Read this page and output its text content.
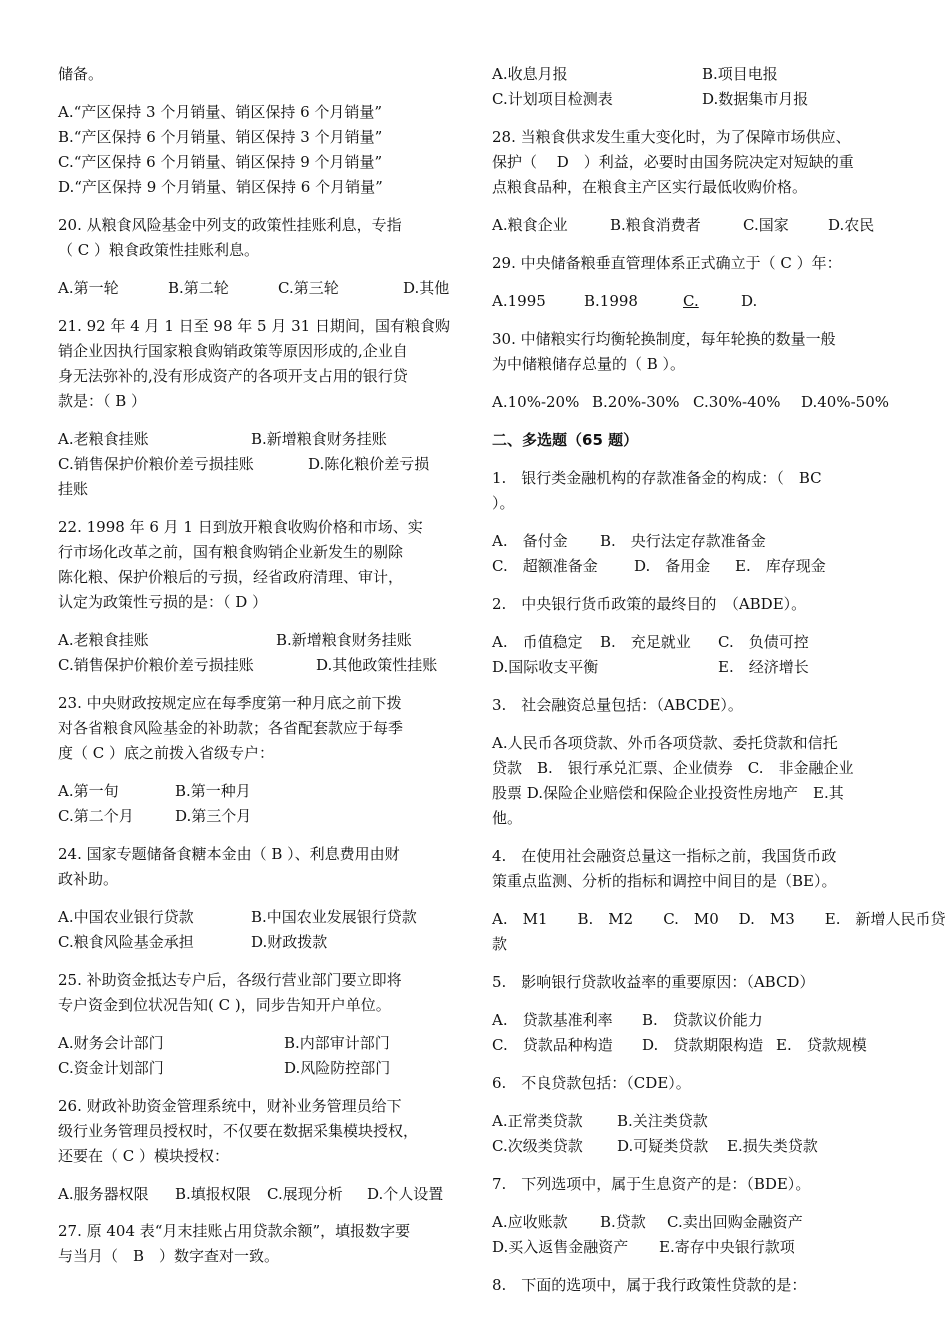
储备。
A.“产区保持 3 个月销量、销区保持 6 个月销量”
B.“产区保持 6 个月销量、销区保持 3 个月销量”
C.“产区保持 6 个月销量、销区保持 9 个月销量”
D.“产区保持 9 个月销量、销区保持 6 个月销量”
20. 从粮食风险基金中列支的政策性挂账利息，专指
（ C ）粮食政策性挂账利息。
A.第一轮	B.第二轮	C.第三轮	D.其他
21. 92 年 4 月 1 日至 98 年 5 月 31 日期间，国有粮食购
销企业因执行国家粮食购销政策等原因形成的,企业自
身无法弥补的,没有形成资产的各项开支占用的银行贷
款是：（ B ）
A.老粮食挂账	B.新增粮食财务挂账
C.销售保护价粮价差亏损挂账	D.陈化粮价差亏损
挂账
22. 1998 年 6 月 1 日到放开粮食收购价格和市场、实
行市场化改革之前，国有粮食购销企业新发生的剔除
陈化粮、保护价粮后的亏损，经省政府清理、审计，
认定为政策性亏损的是：（ D ）
A.老粮食挂账	B.新增粮食财务挂账
C.销售保护价粮价差亏损挂账	D.其他政策性挂账
23. 中央财政按规定应在每季度第一种月底之前下拨
对各省粮食风险基金的补助款；各省配套款应于每季
度（ C ）底之前拨入省级专户：
A.第一旬	B.第一种月
C.第二个月	D.第三个月
24. 国家专题储备食糖本金由（ B ）、利息费用由财
政补助。
A.中国农业银行贷款	B.中国农业发展银行贷款
C.粮食风险基金承担	D.财政拨款
25. 补助资金抵达专户后，各级行营业部门要立即将
专户资金到位状况告知( C )，同步告知开户单位。
A.财务会计部门	B.内部审计部门
C.资金计划部门	D.风险防控部门
26. 财政补助资金管理系统中，财补业务管理员给下
级行业务管理员授权时，不仅要在数据采集模块授权，
还要在（ C ）模块授权：
A.服务器权限 B.填报权限 C.展现分析 D.个人设置
27. 原 404 表“月末挂账占用贷款余额”，填报数字要
与当月（　B　）数字查对一致。
A.收息月报	B.项目电报
C.计划项目检测表	D.数据集市月报
28. 当粮食供求发生重大变化时，为了保障市场供应、
保护（　 D　）利益，必要时由国务院决定对短缺的重
点粮食品种，在粮食主产区实行最低收购价格。
A.粮食企业	B.粮食消费者	C.国家	D.农民
29. 中央储备粮垂直管理体系正式确立于（ C ）年：
A.1995	B.1998	C.	D.
30. 中储粮实行均衡轮换制度，每年轮换的数量一般
为中储粮储存总量的（ B ）。
A.10%-20% B.20%-30% C.30%-40% D.40%-50%
二、多选题（65 题）
1.　银行类金融机构的存款准备金的构成：（　BC
）。
A.　备付金 B.　央行法定存款准备金
C.　超额准备金 D.　备用金 E.　库存现金
2.　中央银行货币政策的最终目的　（ABDE）。
A.　币值稳定 B.　充足就业 C.　负债可控
D.国际收支平衡	E.　经济增长
3.　社会融资总量包括：（ABCDE）。
A.人民币各项贷款、外币各项贷款、委托贷款和信托
贷款　B.　银行承兑汇票、企业债券　C.　非金融企业
股票 D.保险企业赔偿和保险企业投资性房地产　E.其
他。
4.　在使用社会融资总量这一指标之前，我国货币政
策重点监测、分析的指标和调控中间目的是（BE）。
A.　M1　　B.　M2　　C.　M0　 D.　M3　　E.　新增人民币贷
款
5.　影响银行贷款收益率的重要原因：（ABCD）
A.　贷款基准利率 B.　贷款议价能力
C.　贷款品种构造 D.　贷款期限构造 E.　贷款规模
6.　不良贷款包括：（CDE）。
A.正常类贷款 B.关注类贷款
C.次级类贷款 D.可疑类贷款 E.损失类贷款
7.　下列选项中，属于生息资产的是：（BDE）。
A.应收账款 B.贷款 C.卖出回购金融资产
D.买入返售金融资产 E.寄存中央银行款项
8.　下面的选项中，属于我行政策性贷款的是：
